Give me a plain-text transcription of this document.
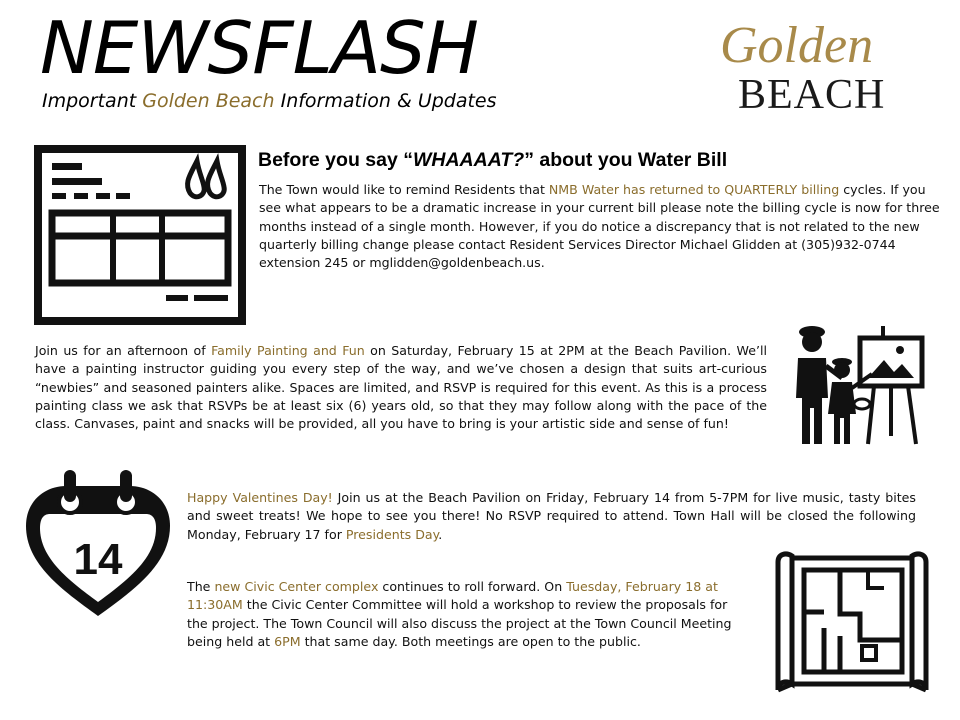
NEWSFLASH
Important Golden Beach Information & Updates
Golden
BEACH
Before you say “WHAAAAT?” about you Water Bill
The Town would like to remind Residents that NMB Water has returned to QUARTERLY billing cycles. If you see what appears to be a dramatic increase in your current bill please note the billing cycle is now for three months instead of a single month. However, if you do notice a discrepancy that is not related to the new quarterly billing change please contact Resident Services Director Michael Glidden at (305)932-0744 extension 245 or mglidden@goldenbeach.us.
Join us for an afternoon of Family Painting and Fun on Saturday, February 15 at 2PM at the Beach Pavilion. We’ll have a painting instructor guiding you every step of the way, and we’ve chosen a design that suits art-curious “newbies” and seasoned painters alike. Spaces are limited, and RSVP is required for this event. As this is a process painting class we ask that RSVPs be at least six (6) years old, so that they may follow along with the pace of the class. Canvases, paint and snacks will be provided, all you have to bring is your artistic side and sense of fun!
14
Happy Valentines Day! Join us at the Beach Pavilion on Friday, February 14 from 5-7PM for live music, tasty bites and sweet treats! We hope to see you there! No RSVP required to attend. Town Hall will be closed the following Monday, February 17 for Presidents Day.
The new Civic Center complex continues to roll forward. On Tuesday, February 18 at 11:30AM the Civic Center Committee will hold a workshop to review the proposals for the project. The Town Council will also discuss the project at the Town Council Meeting being held at 6PM that same day. Both meetings are open to the public.
